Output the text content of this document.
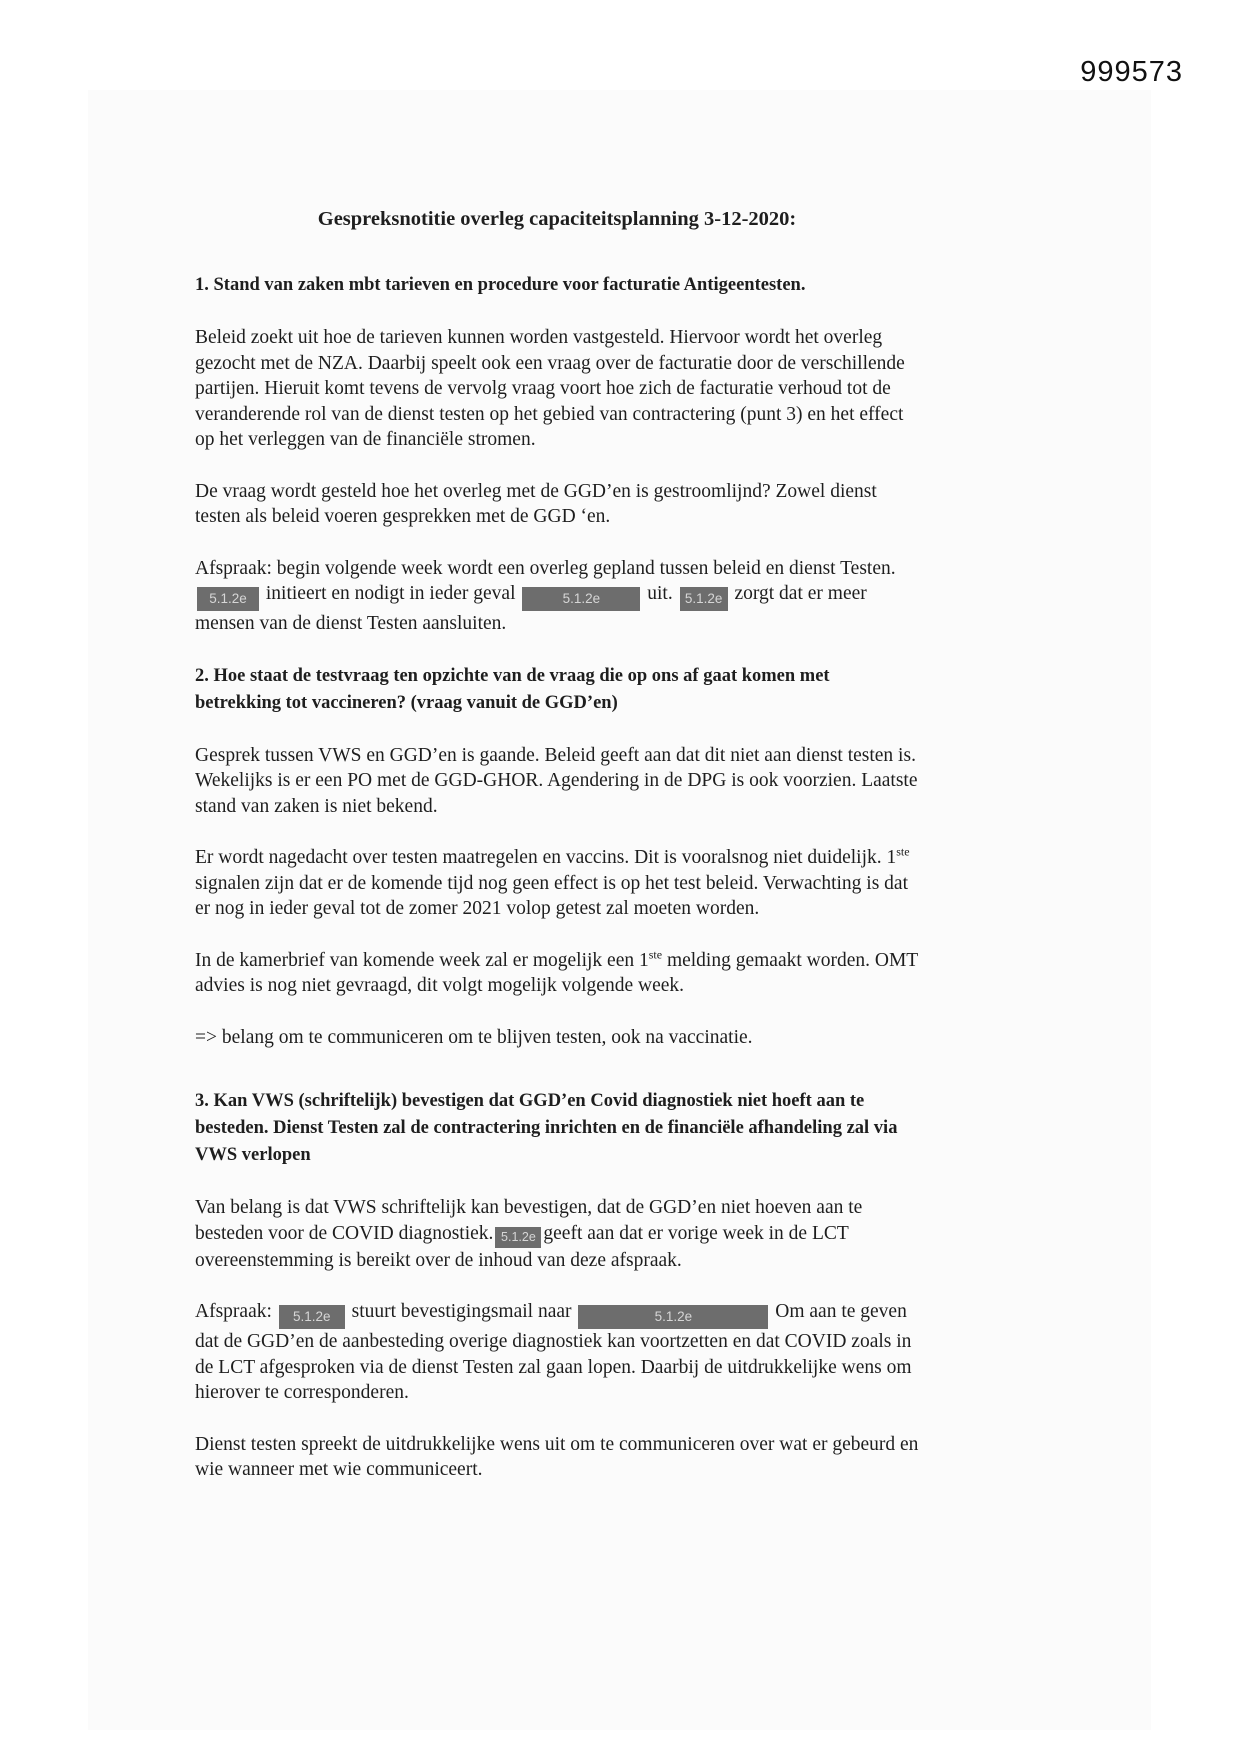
999573
Gespreksnotitie overleg capaciteitsplanning 3-12-2020:
1. Stand van zaken mbt tarieven en procedure voor facturatie Antigeentesten.

Beleid zoekt uit hoe de tarieven kunnen worden vastgesteld. Hiervoor wordt het overleg gezocht met de NZA. Daarbij speelt ook een vraag over de facturatie door de verschillende partijen. Hieruit komt tevens de vervolg vraag voort hoe zich de facturatie verhoud tot de veranderende rol van de dienst testen op het gebied van contractering (punt 3) en het effect op het verleggen van de financiële stromen.

De vraag wordt gesteld hoe het overleg met de GGD’en is gestroomlijnd? Zowel dienst testen als beleid voeren gesprekken met de GGD ‘en.

Afspraak: begin volgende week wordt een overleg gepland tussen beleid en dienst Testen. 5.1.2e initieert en nodigt in ieder geval	5.1.2e uit. 5.1.2e zorgt dat er meer mensen van de dienst Testen aansluiten.

2. Hoe staat de testvraag ten opzichte van de vraag die op ons af gaat komen met betrekking tot vaccineren? (vraag vanuit de GGD’en)

Gesprek tussen VWS en GGD’en is gaande. Beleid geeft aan dat dit niet aan dienst testen is. Wekelijks is er een PO met de GGD-GHOR. Agendering in de DPG is ook voorzien. Laatste stand van zaken is niet bekend.

Er wordt nagedacht over testen maatregelen en vaccins. Dit is vooralsnog niet duidelijk. 1ste signalen zijn dat er de komende tijd nog geen effect is op het test beleid. Verwachting is dat er nog in ieder geval tot de zomer 2021 volop getest zal moeten worden.

In de kamerbrief van komende week zal er mogelijk een 1ste melding gemaakt worden. OMT advies is nog niet gevraagd, dit volgt mogelijk volgende week.

=> belang om te communiceren om te blijven testen, ook na vaccinatie.

3. Kan VWS (schriftelijk) bevestigen dat GGD’en Covid diagnostiek niet hoeft aan te besteden. Dienst Testen zal de contractering inrichten en de financiële afhandeling zal via VWS verlopen

Van belang is dat VWS schriftelijk kan bevestigen, dat de GGD’en niet hoeven aan te besteden voor de COVID diagnostiek. 5.1.2e geeft aan dat er vorige week in de LCT overeenstemming is bereikt over de inhoud van deze afspraak.

Afspraak: 5.1.2e stuurt bevestigingsmail naar	5.1.2e	Om aan te geven dat de GGD’en de aanbesteding overige diagnostiek kan voortzetten en dat COVID zoals in de LCT afgesproken via de dienst Testen zal gaan lopen. Daarbij de uitdrukkelijke wens om hierover te corresponderen.

Dienst testen spreekt de uitdrukkelijke wens uit om te communiceren over wat er gebeurd en wie wanneer met wie communiceert.
